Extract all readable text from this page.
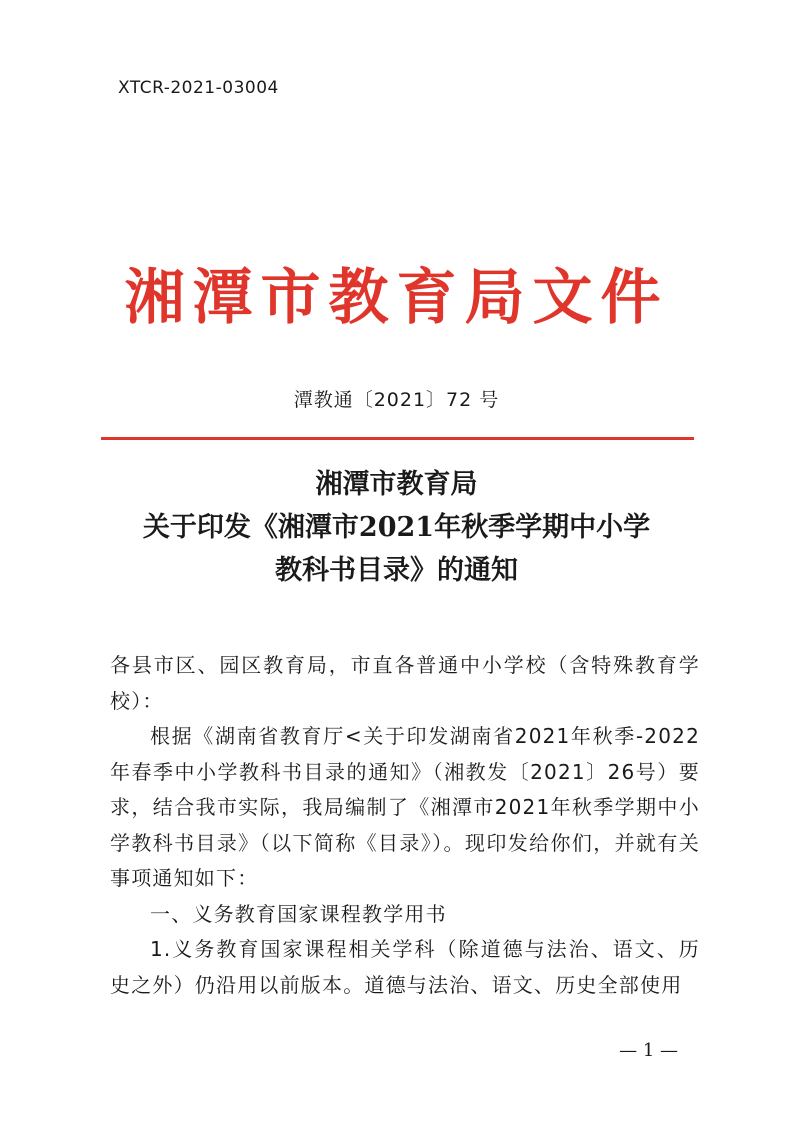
XTCR-2021-03004
湘潭市教育局文件
潭教通〔2021〕72 号
湘潭市教育局
关于印发《湘潭市2021年秋季学期中小学
教科书目录》的通知

各县市区、园区教育局，市直各普通中小学校（含特殊教育学校）：

根据《湖南省教育厅<关于印发湖南省2021年秋季-2022年春季中小学教科书目录的通知》（湘教发〔2021〕26号）要求，结合我市实际，我局编制了《湘潭市2021年秋季学期中小学教科书目录》（以下简称《目录》）。现印发给你们，并就有关事项通知如下：

一、义务教育国家课程教学用书

1.义务教育国家课程相关学科（除道德与法治、语文、历史之外）仍沿用以前版本。道德与法治、语文、历史全部使用

— 1 —
